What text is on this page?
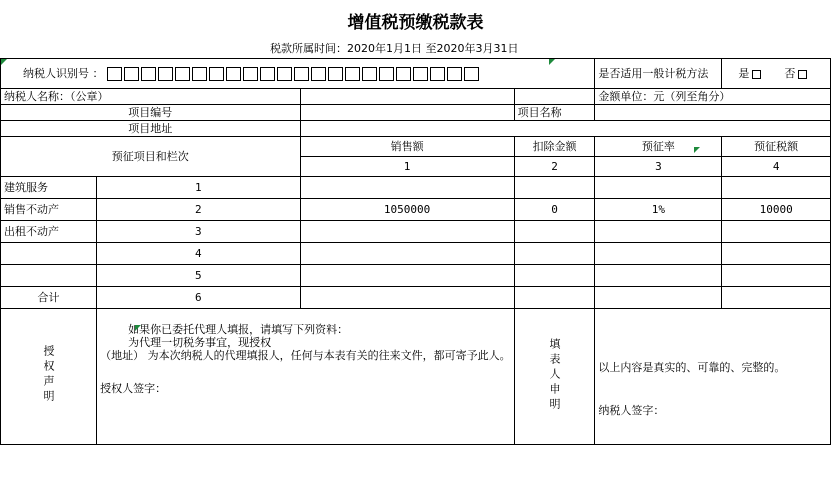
增值税预缴税款表
税款所属时间：2020年1月1日 至2020年3月31日
纳税人识别号 ：				是否适用一般计税方法	是 否
纳税人名称：（公章）				金额单位：元（列至角分）	
项目编号			项目名称		
项目地址					
预征项目和栏次		销售额	扣除金额	预征率	预征税额
		1	2	3	4
建筑服务	1				
销售不动产	2	1050000	0	1%	10000
出租不动产	3				
	4				
	5				
合计	6				
授权声明	如果你已委托代理人填报，请填写下列资料：
为代理一切税务事宜，现授权
（地址） 为本次纳税人的代理填报人，任何与本表有关的往来文件，都可寄予此人。
授权人签字：		填表人申明	以上内容是真实的、可靠的、完整的。
纳税人签字：	
